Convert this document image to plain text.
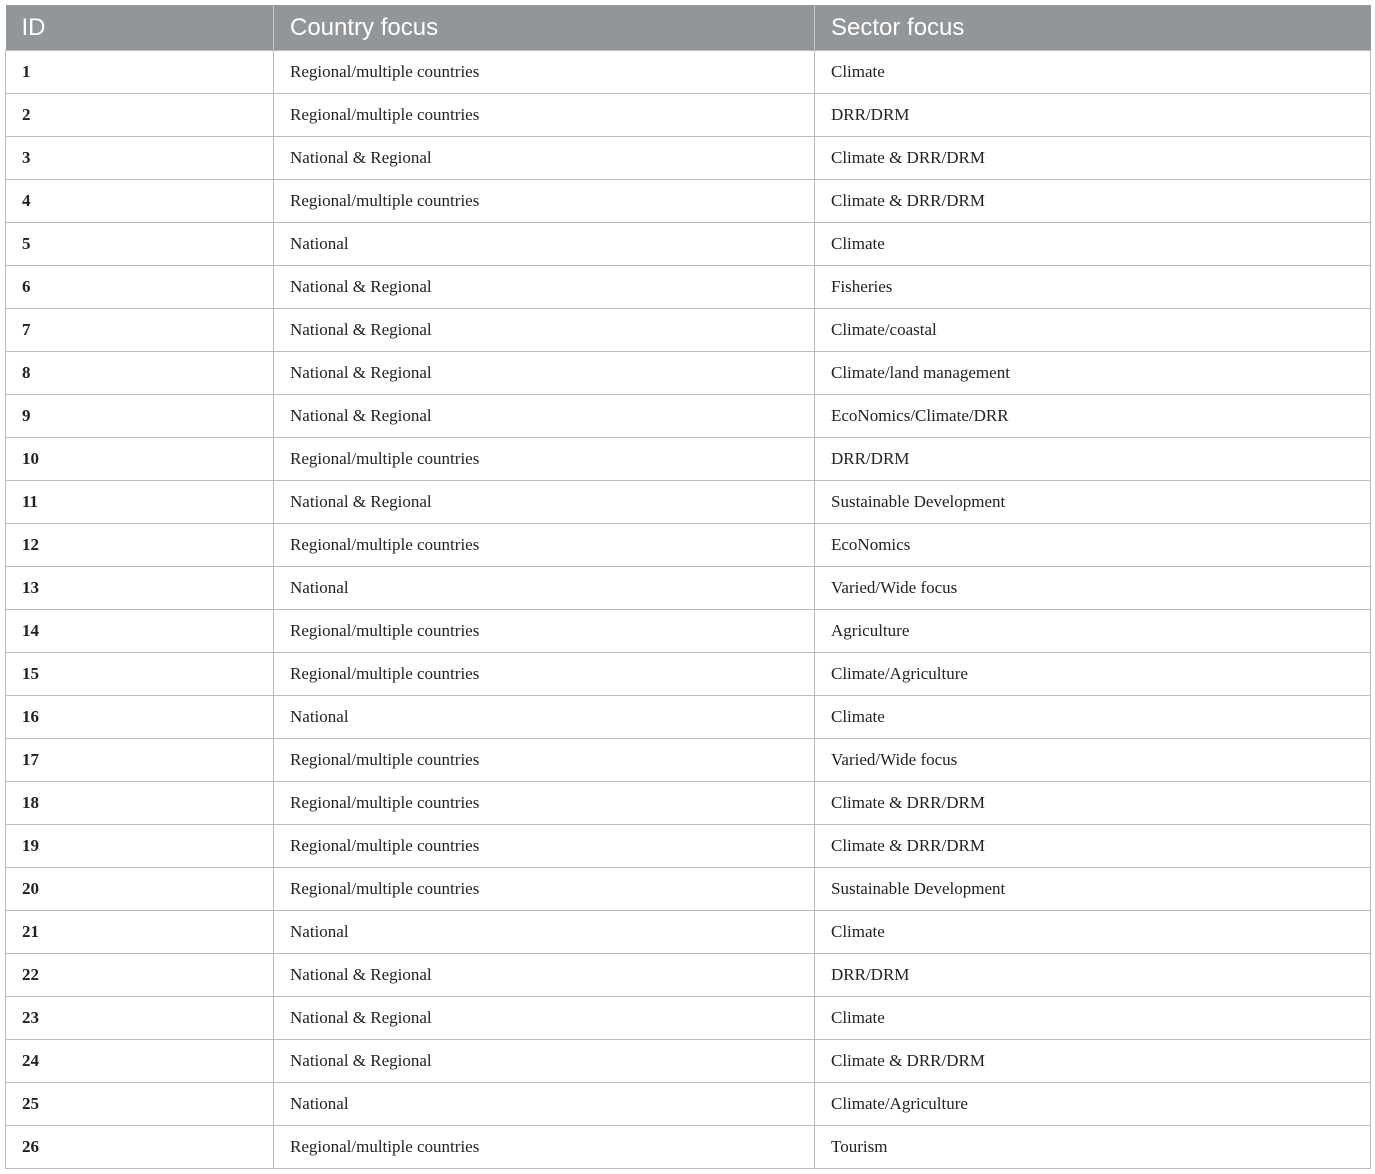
ID	Country focus	Sector focus
1	Regional/multiple countries	Climate
2	Regional/multiple countries	DRR/DRM
3	National & Regional	Climate & DRR/DRM
4	Regional/multiple countries	Climate & DRR/DRM
5	National	Climate
6	National & Regional	Fisheries
7	National & Regional	Climate/coastal
8	National & Regional	Climate/land management
9	National & Regional	EcoNomics/Climate/DRR
10	Regional/multiple countries	DRR/DRM
11	National & Regional	Sustainable Development
12	Regional/multiple countries	EcoNomics
13	National	Varied/Wide focus
14	Regional/multiple countries	Agriculture
15	Regional/multiple countries	Climate/Agriculture
16	National	Climate
17	Regional/multiple countries	Varied/Wide focus
18	Regional/multiple countries	Climate & DRR/DRM
19	Regional/multiple countries	Climate & DRR/DRM
20	Regional/multiple countries	Sustainable Development
21	National	Climate
22	National & Regional	DRR/DRM
23	National & Regional	Climate
24	National & Regional	Climate & DRR/DRM
25	National	Climate/Agriculture
26	Regional/multiple countries	Tourism
